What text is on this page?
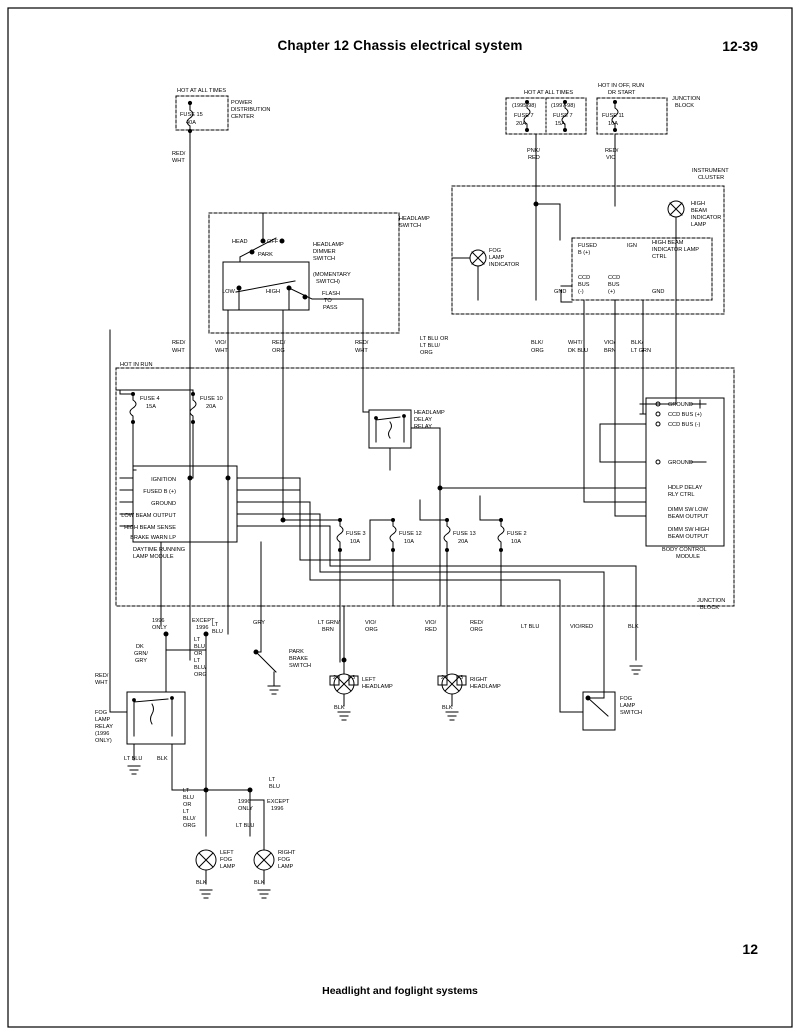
Chapter 12 Chassis electrical system	12-39
12
Headlight and foglight systems
HOT AT ALL TIMES
FUSE 15
40A
POWER
DISTRIBUTION
CENTER
RED/
WHT
HOT AT ALL TIMES
HOT IN OFF, RUN
DR START
(1995-98)	(1997-98)
FUSE 7	FUSE 7
20A	15A
FUSE 11
10A
JUNCTION
BLOCK
PNK/
RED
RED/
VIO
INSTRUMENT
CLUSTER
HIGH
BEAM
INDICATOR
LAMP
FOG
LAMP
INDICATOR
FUSED
B (+)
IGN	HIGH BEAM
INDICATOR LAMP
CTRL
CCD
BUS
(-)
CCD
BUS
(+)
GND	GND
HEADLAMP
SWITCH
HEAD	OFF
PARK
HEADLAMP
DIMMER
SWITCH
(MOMENTARY
SWITCH)
LOW	HIGH	FLASH
TO
PASS
RED/
WHT
VIO/
WHT
RED/
ORG
RED/
WHT
LT BLU OR
LT BLU/
ORG
BLK/
ORG
WHT/
DK BLU
VIO/
BRN
BLK/
LT GRN
HOT IN RUN
FUSE 4
15A
FUSE 10
20A
HEADLAMP
DELAY
RELAY
IGNITION
FUSED B (+)
GROUND
LOW BEAM OUTPUT
HIGH BEAM SENSE
BRAKE WARN LP
DAYTIME RUNNING
LAMP MODULE
GROUND
CCD BUS (+)
CCD BUS (-)
GROUND
HDLP DELAY
RLY CTRL
DIMM SW LOW
BEAM OUTPUT
DIMM SW HIGH
BEAM OUTPUT
BODY CONTROL
MODULE
FUSE 3
10A
FUSE 12
10A
FUSE 13
20A
FUSE 2
10A
JUNCTION
BLOCK
1996
ONLY
EXCEPT
1996 LT
BLU
GRY	LT GRN/
BRN
VIO/
ORG
VIO/
RED
RED/
ORG	LT BLU	VIO/RED	BLK
DK
GRN/
GRY
LT
BLU
OR
LT
BLU/
ORG
PARK
BRAKE
SWITCH
LEFT
HEADLAMP
RIGHT
HEADLAMP
2	3	2	3
BLK	BLK
FOG
LAMP
SWITCH
RED/
WHT
FOG
LAMP
RELAY
(1996
ONLY)
LT BLU	BLK
LT
BLU
OR
LT
BLU/
ORG
1996
ONLY
EXCEPT
1996
LT
BLU
LT BLU
LEFT
FOG
LAMP
RIGHT
FOG
LAMP
BLK	BLK
